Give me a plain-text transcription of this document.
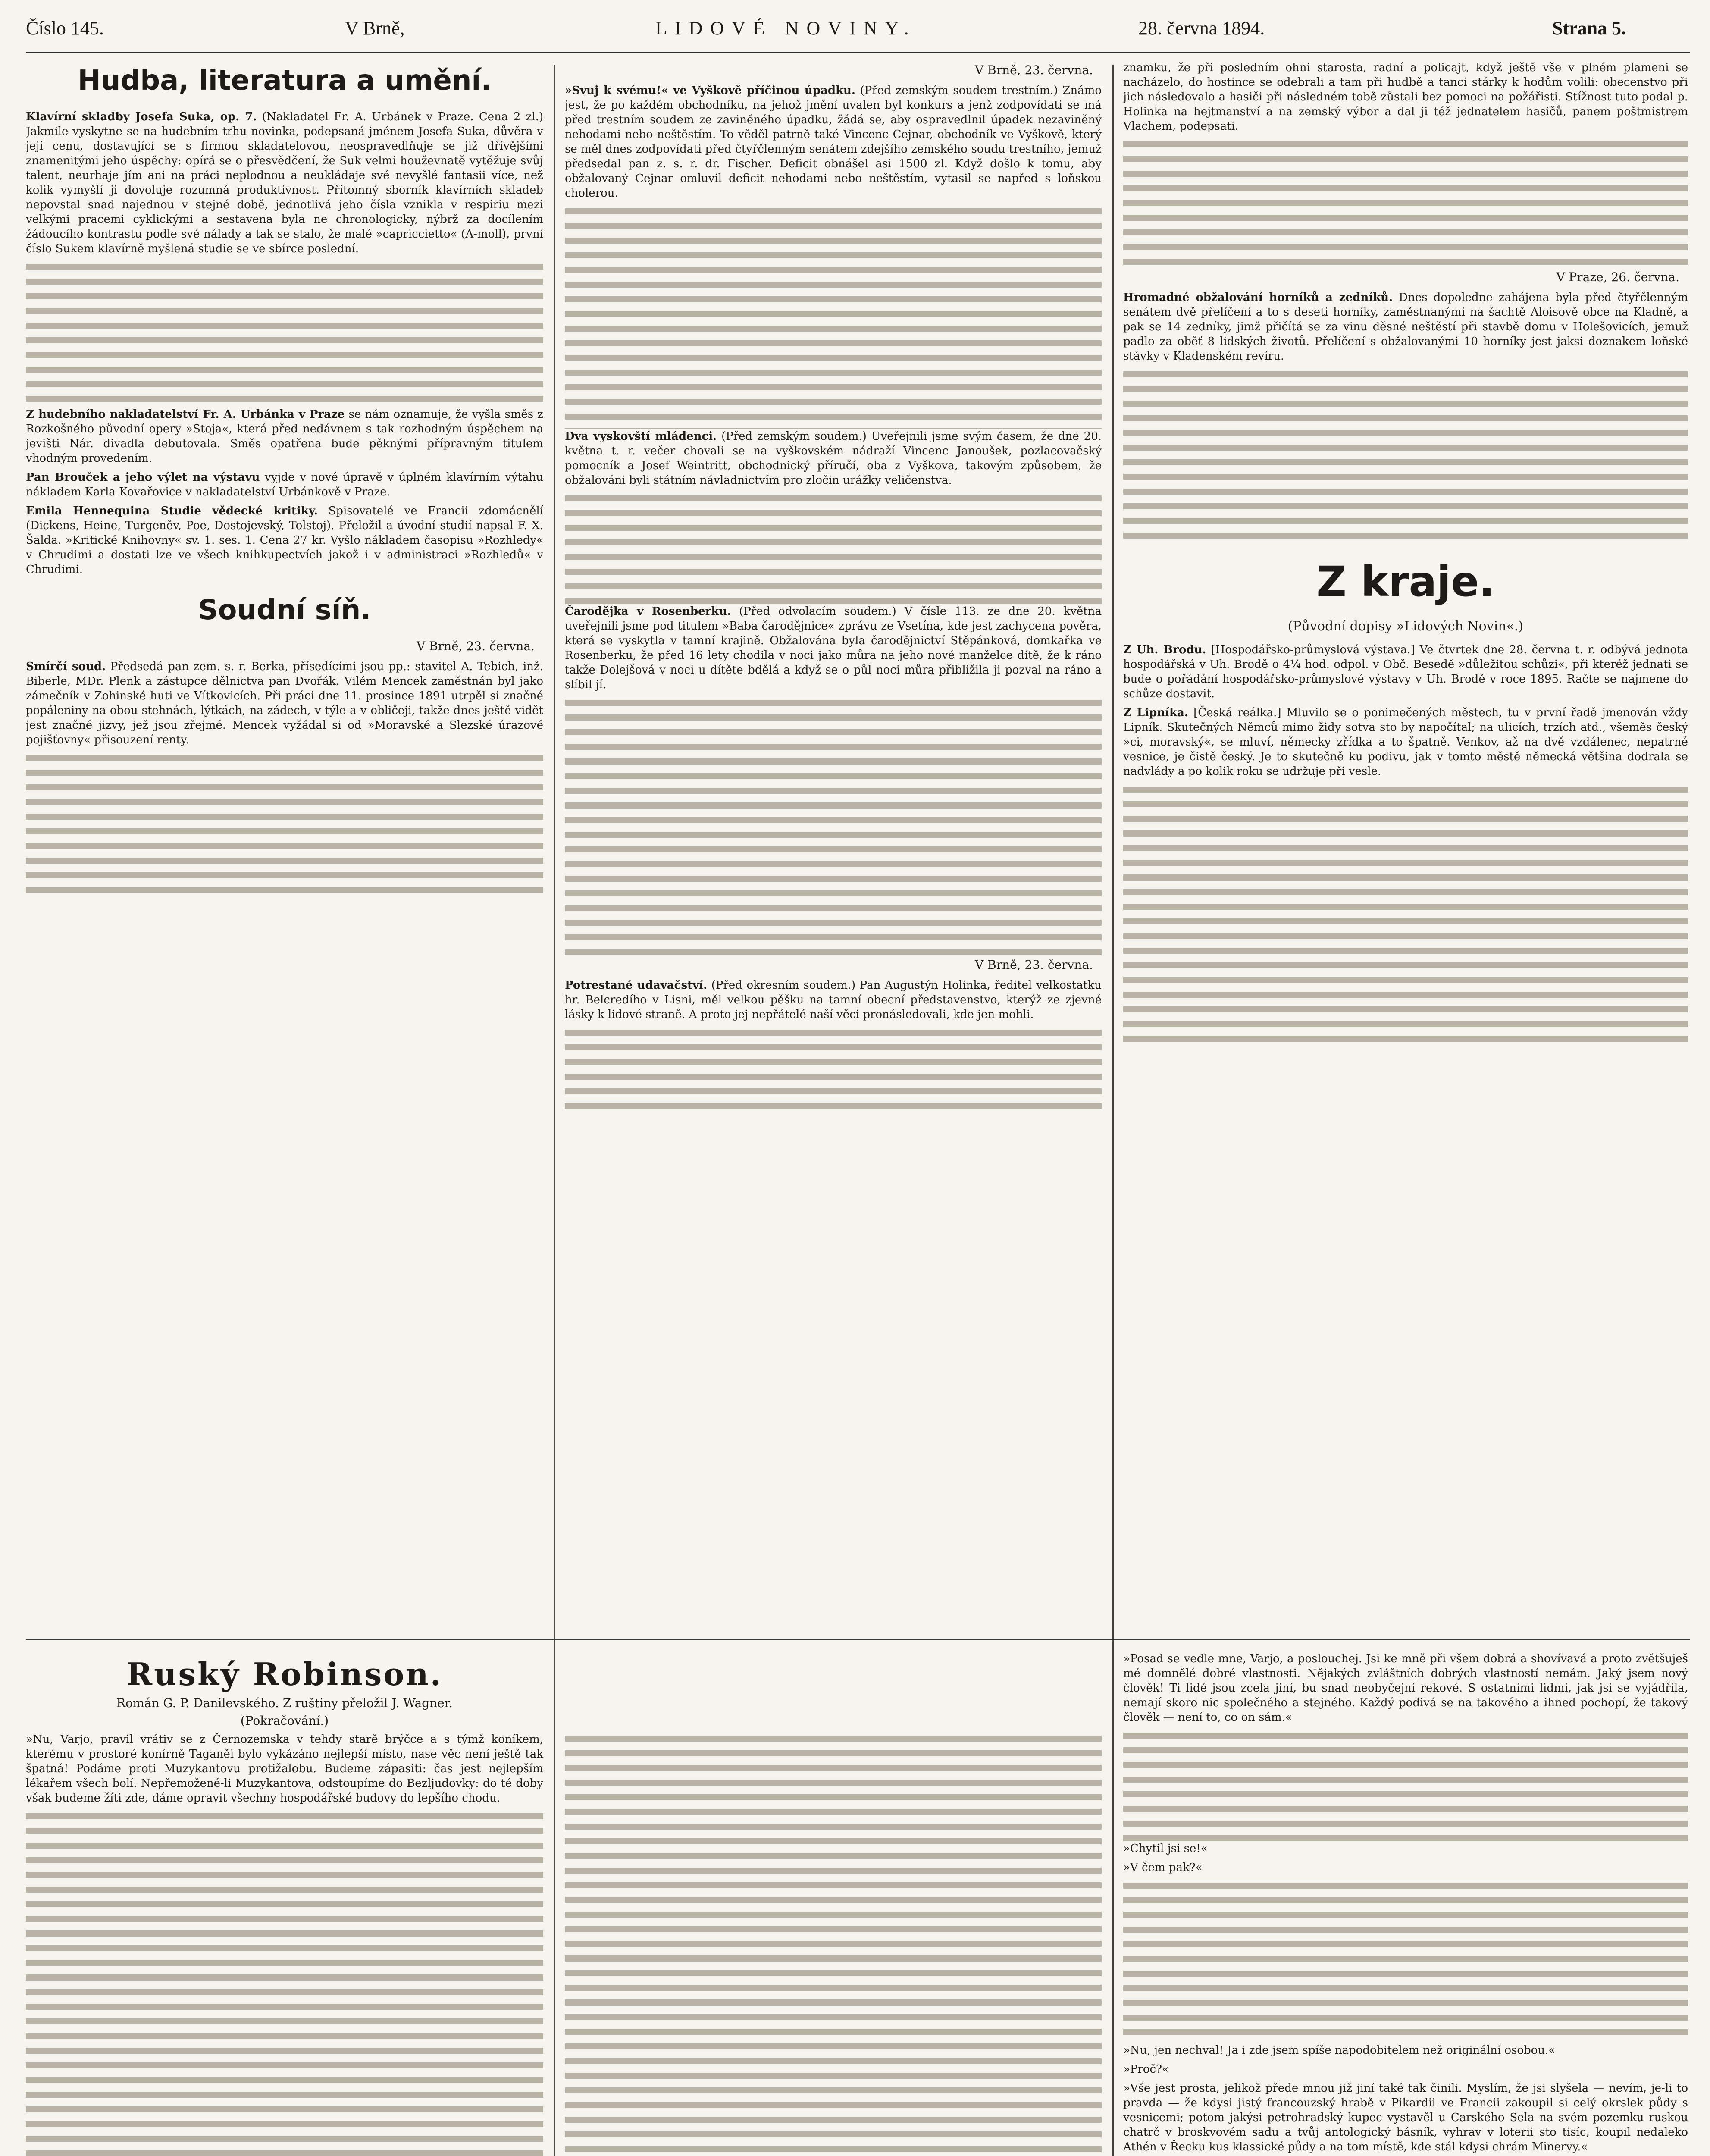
Číslo 145.	V Brně,	LIDOVÉ NOVINY.	28. června 1894.	Strana 5.
Hudba, literatura a umění.

Klavírní skladby Josefa Suka, op. 7. (Nakladatel Fr. A. Urbánek v Praze. Cena 2 zl.) Jakmile vyskytne se na hudebním trhu novinka, podepsaná jménem Josefa Suka, důvěra v její cenu, dostavující se s firmou skladatelovou, neospravedlňuje se již dřívějšími znamenitými jeho úspěchy: opírá se o přesvědčení, že Suk velmi houževnatě vytěžuje svůj talent, neurhaje jím ani na práci neplodnou a neukládaje své nevyšlé fantasii více, než kolik vymyšlí ji dovoluje rozumná produktivnost. Přítomný sborník klavírních skladeb nepovstal snad najednou v stejné době, jednotlivá jeho čísla vznikla v respiriu mezi velkými pracemi cyklickými a sestavena byla ne chronologicky, nýbrž za docílením žádoucího kontrastu podle své nálady a tak se stalo, že malé »capriccietto« (A-moll), první číslo Sukem klavírně myšlená studie se ve sbírce poslední.

Z hudebního nakladatelství Fr. A. Urbánka v Praze se nám oznamuje, že vyšla směs z Rozkošného původní opery »Stoja«, která před nedávnem s tak rozhodným úspěchem na jevišti Nár. divadla debutovala. Směs opatřena bude pěknými přípravným titulem vhodným provedením.

Pan Brouček a jeho výlet na výstavu vyjde v nové úpravě v úplném klavírním výtahu nákladem Karla Kovařovice v nakladatelství Urbánkově v Praze.

Emila Hennequina Studie vědecké kritiky. Spisovatelé ve Francii zdomácnělí (Dickens, Heine, Turgeněv, Poe, Dostojevský, Tolstoj). Přeložil a úvodní studií napsal F. X. Šalda. »Kritické Knihovny« sv. 1. ses. 1. Cena 27 kr. Vyšlo nákladem časopisu »Rozhledy« v Chrudimi a dostati lze ve všech knihkupectvích jakož i v administraci »Rozhledů« v Chrudimi.

Soudní síň.
V Brně, 23. června.

Smírčí soud. Předsedá pan zem. s. r. Berka, přísedícími jsou pp.: stavitel A. Tebich, inž. Biberle, MDr. Plenk a zástupce dělnictva pan Dvořák. Vilém Mencek zaměstnán byl jako zámečník v Zohinské huti ve Vítkovicích. Při práci dne 11. prosince 1891 utrpěl si značné popáleniny na obou stehnách, lýtkách, na zádech, v týle a v obličeji, takže dnes ještě vidět jest značné jizvy, jež jsou zřejmé. Mencek vyžádal si od »Moravské a Slezské úrazové pojišťovny« přisouzení renty.

V Brně, 23. června.

»Svuj k svému!« ve Vyškově příčinou úpadku. (Před zemským soudem trestním.) Známo jest, že po každém obchodníku, na jehož jmění uvalen byl konkurs a jenž zodpovídati se má před trestním soudem ze zaviněného úpadku, žádá se, aby ospravedlnil úpadek nezaviněný nehodami nebo neštěstím. To věděl patrně také Vincenc Cejnar, obchodník ve Vyškově, který se měl dnes zodpovídati před čtyřčlenným senátem zdejšího zemského soudu trestního, jemuž předsedal pan z. s. r. dr. Fischer. Deficit obnášel asi 1500 zl. Když došlo k tomu, aby obžalovaný Cejnar omluvil deficit nehodami nebo neštěstím, vytasil se napřed s loňskou cholerou.

Dva vyskovští mládenci. (Před zemským soudem.) Uveřejnili jsme svým časem, že dne 20. května t. r. večer chovali se na vyškovském nádraží Vincenc Janoušek, pozlacovačský pomocník a Josef Weintritt, obchodnický příručí, oba z Vyškova, takovým způsobem, že obžalováni byli státním návladnictvím pro zločin urážky veličenstva.

Čarodějka v Rosenberku. (Před odvolacím soudem.) V čísle 113. ze dne 20. května uveřejnili jsme pod titulem »Baba čarodějnice« zprávu ze Vsetína, kde jest zachycena pověra, která se vyskytla v tamní krajině. Obžalována byla čarodějnictví Stěpánková, domkařka ve Rosenberku, že před 16 lety chodila v noci jako můra na jeho nové manželce dítě, že k ráno takže Dolejšová v noci u dítěte bdělá a když se o půl noci můra přibližila ji pozval na ráno a slíbil jí.

V Brně, 23. června.

Potrestané udavačství. (Před okresním soudem.) Pan Augustýn Holinka, ředitel velkostatku hr. Belcredího v Lisni, měl velkou pěšku na tamní obecní představenstvo, kterýž ze zjevné lásky k lidové straně. A proto jej nepřátelé naší věci pronásledovali, kde jen mohli.

znamku, že při posledním ohni starosta, radní a policajt, když ještě vše v plném plameni se nacházelo, do hostince se odebrali a tam při hudbě a tanci stárky k hodům volili: obecenstvo při jich následovalo a hasiči při následném tobě zůstali bez pomoci na požářisti. Stížnost tuto podal p. Holinka na hejtmanství a na zemský výbor a dal ji též jednatelem hasičů, panem poštmistrem Vlachem, podepsati.

V Praze, 26. června.

Hromadné obžalování horníků a zedníků. Dnes dopoledne zahájena byla před čtyřčlenným senátem dvě přelíčení a to s deseti horníky, zaměstnanými na šachtě Aloisově obce na Kladně, a pak se 14 zedníky, jimž přičítá se za vinu děsné neštěstí při stavbě domu v Holešovicích, jemuž padlo za oběť 8 lidských životů. Přelíčení s obžalovanými 10 horníky jest jaksi doznakem loňské stávky v Kladenském revíru.

Z kraje.
(Původní dopisy »Lidových Novin«.)

Z Uh. Brodu. [Hospodářsko-průmyslová výstava.] Ve čtvrtek dne 28. června t. r. odbývá jednota hospodářská v Uh. Brodě o 4¼ hod. odpol. v Obč. Besedě »důležitou schůzi«, při kteréž jednati se bude o pořádání hospodářsko-průmyslové výstavy v Uh. Brodě v roce 1895. Račte se najmene do schůze dostavit.

Z Lipníka. [Česká reálka.] Mluvilo se o ponimečených městech, tu v první řadě jmenován vždy Lipník. Skutečných Němců mimo židy sotva sto by napočítal; na ulicích, trzích atd., všeměs český »ci, moravský«, se mluví, německy zřídka a to špatně. Venkov, až na dvě vzdálenec, nepatrné vesnice, je čistě český. Je to skutečně ku podivu, jak v tomto městě německá většina dodrala se nadvlády a po kolik roku se udržuje při vesle.

Ruský Robinson.
Román G. P. Danilevského. Z ruštiny přeložil J. Wagner.
(Pokračování.)

»Nu, Varjo, pravil vrátiv se z Černozemska v tehdy starě brýčce a s týmž koníkem, kterému v prostoré konírně Taganěi bylo vykázáno nejlepší místo, nase věc není ještě tak špatná! Podáme proti Muzykantovu protižalobu. Budeme zápasiti: čas jest nejlepším lékařem všech bolí. Nepřemožené-li Muzykantova, odstoupíme do Bezljudovky: do té doby však budeme žíti zde, dáme opravit všechny hospodářské budovy do lepšího chodu.

»Posad se vedle mne, Varjo, a poslouchej. Jsi ke mně při všem dobrá a shovívavá a proto zvětšuješ mé domnělé dobré vlastnosti. Nějakých zvláštních dobrých vlastností nemám. Jaký jsem nový člověk! Ti lidé jsou zcela jiní, bu snad neobyčejní rekové. S ostatními lidmi, jak jsi se vyjádřila, nemají skoro nic společného a stejného. Každý podivá se na takového a ihned pochopí, že takový člověk — není to, co on sám.«

»Chytil jsi se!«

»V čem pak?«

»Nu, jen nechval! Ja i zde jsem spíše napodobitelem než originální osobou.«

»Proč?«

»Vše jest prosta, jelikož přede mnou již jiní také tak činili. Myslím, že jsi slyšela — nevím, je-li to pravda — že kdysi jistý francouzský hrabě v Pikardii ve Francii zakoupil si celý okrslek půdy s vesnicemi; potom jakýsi petrohradský kupec vystavěl u Carského Sela na svém pozemku ruskou chatrč v broskvovém sadu a tvůj antologický básník, vyhrav v loterii sto tisíc, koupil nedaleko Athén v Řecku kus klassické půdy a na tom místě, kde stál kdysi chrám Minervy.«
